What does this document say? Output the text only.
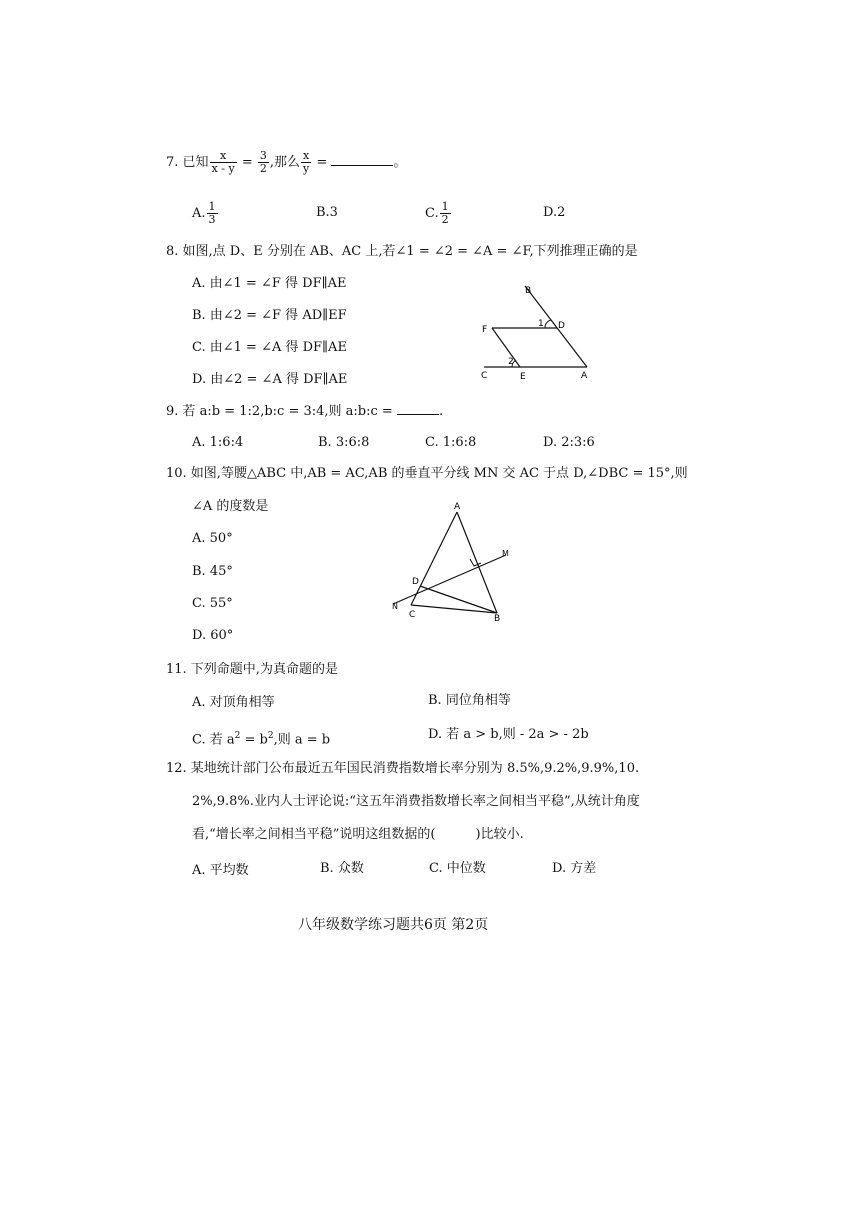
7. 已知 $\frac{x}{x - y} = \frac{3}{2}$ ,那么 $\frac{x}{y}$ =	。
A. $\frac{1}{3}$	B.3	C. $\frac{1}{2}$	D.2
8. 如图,点 D、E 分别在 AB、AC 上,若∠1 = ∠2 = ∠A = ∠F,下列推理正确的是
A. 由∠1 = ∠F 得 DF∥AE
B. 由∠2 = ∠F 得 AD∥EF
C. 由∠1 = ∠A 得 DF∥AE
D. 由∠2 = ∠A 得 DF∥AE
B
D
F
1
2
C	E	A
9. 若 a:b = 1:2,b:c = 3:4,则 a:b:c =	.
A. 1:6:4	B. 3:6:8	C. 1:6:8	D. 2:3:6
10. 如图,等腰△ABC 中,AB = AC,AB 的垂直平分线 MN 交 AC 于点 D,∠DBC = 15°,则
∠A 的度数是
A. 50°
B. 45°
C. 55°
D. 60°
A
M
D
N
C	B
11. 下列命题中,为真命题的是
A. 对顶角相等	B. 同位角相等
C. 若 $a^2 = b^2$,则 a = b	D. 若 a > b,则 - 2a > - 2b
12. 某地统计部门公布最近五年国民消费指数增长率分别为 8.5%,9.2%,9.9%,10.
2%,9.8%.业内人士评论说:“这五年消费指数增长率之间相当平稳”,从统计角度
看,“增长率之间相当平稳”说明这组数据的(	)比较小.
A. 平均数	B. 众数	C. 中位数	D. 方差
八年级数学练习题共6页 第2页
